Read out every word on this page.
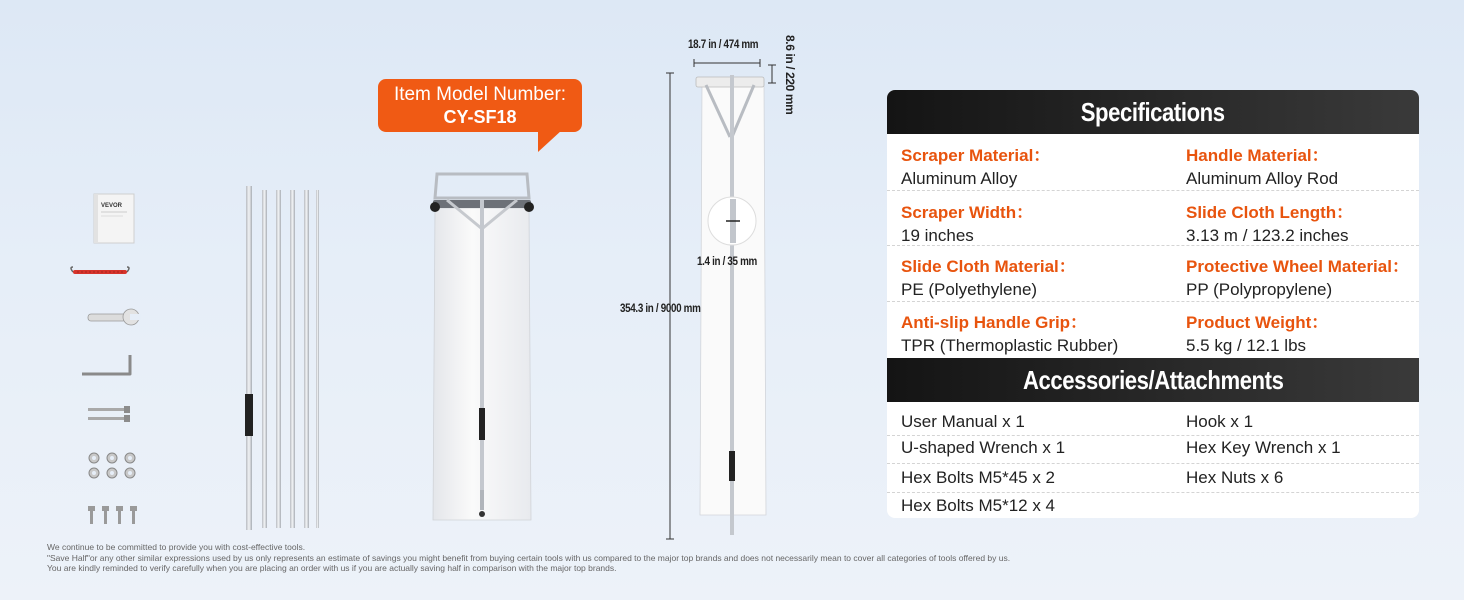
VEVOR
Item Model Number:
CY-SF18
18.7 in / 474 mm 8.6 in / 220 mm
1.4 in / 35 mm
354.3 in / 9000 mm
Specifications
Scraper Material：
Aluminum Alloy
Handle Material：
Aluminum Alloy Rod
Scraper Width：
19 inches
Slide Cloth Length：
3.13 m / 123.2 inches
Slide Cloth Material：
PE (Polyethylene)
Protective Wheel Material：
PP (Polypropylene)
Anti-slip Handle Grip：
TPR (Thermoplastic Rubber)
Product Weight：
5.5 kg / 12.1 lbs
Accessories/Attachments
User Manual x 1	Hook x 1
U-shaped Wrench x 1	Hex Key Wrench x 1
Hex Bolts M5*45 x 2	Hex Nuts x 6
Hex Bolts M5*12 x 4
We continue to be committed to provide you with cost-effective tools.
"Save Half"or any other similar expressions used by us only represents an estimate of savings you might benefit from buying certain tools with us compared to the major top brands and does not necessarily mean to cover all categories of tools offered by us.
You are kindly reminded to verify carefully when you are placing an order with us if you are actually saving half in comparison with the major top brands.
